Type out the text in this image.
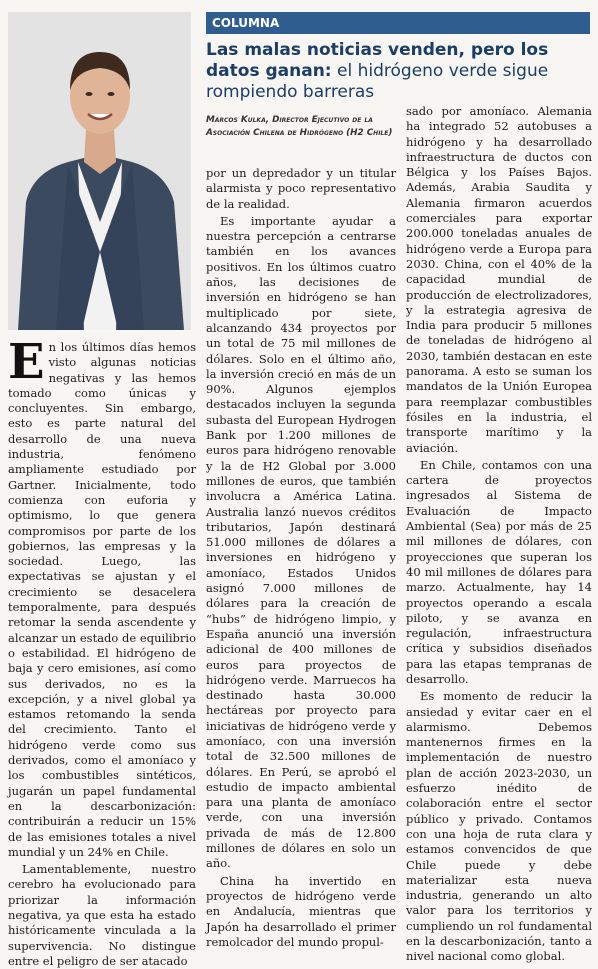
COLUMNA
Las malas noticias venden, pero los datos ganan: el hidrógeno verde sigue rompiendo barreras
Marcos Kulka, Director Ejecutivo de la Asociación Chilena de Hidrógeno (H2 Chile)

En los últimos días hemos visto algunas noticias negativas y las hemos tomado como únicas y concluyentes. Sin embargo, esto es parte natural del desarrollo de una nueva industria, fenómeno ampliamente estudiado por Gartner. Inicialmente, todo comienza con euforia y optimismo, lo que genera compromisos por parte de los gobiernos, las empresas y la sociedad. Luego, las expectativas se ajustan y el crecimiento se desacelera temporalmente, para después retomar la senda ascendente y alcanzar un estado de equilibrio o estabilidad. El hidrógeno de baja y cero emisiones, así como sus derivados, no es la excepción, y a nivel global ya estamos retomando la senda del crecimiento. Tanto el hidrógeno verde como sus derivados, como el amoníaco y los combustibles sintéticos, jugarán un papel fundamental en la descarbonización: contribuirán a reducir un 15% de las emisiones totales a nivel mundial y un 24% en Chile.

Lamentablemente, nuestro cerebro ha evolucionado para priorizar la información negativa, ya que esta ha estado históricamente vinculada a la supervivencia. No distingue entre el peligro de ser atacado

por un depredador y un titular alarmista y poco representativo de la realidad.

Es importante ayudar a nuestra percepción a centrarse también en los avances positivos. En los últimos cuatro años, las decisiones de inversión en hidrógeno se han multiplicado por siete, alcanzando 434 proyectos por un total de 75 mil millones de dólares. Solo en el último año, la inversión creció en más de un 90%. Algunos ejemplos destacados incluyen la segunda subasta del European Hydrogen Bank por 1.200 millones de euros para hidrógeno renovable y la de H2 Global por 3.000 millones de euros, que también involucra a América Latina. Australia lanzó nuevos créditos tributarios, Japón destinará 51.000 millones de dólares a inversiones en hidrógeno y amoníaco, Estados Unidos asignó 7.000 millones de dólares para la creación de “hubs” de hidrógeno limpio, y España anunció una inversión adicional de 400 millones de euros para proyectos de hidrógeno verde. Marruecos ha destinado hasta 30.000 hectáreas por proyecto para iniciativas de hidrógeno verde y amoníaco, con una inversión total de 32.500 millones de dólares. En Perú, se aprobó el estudio de impacto ambiental para una planta de amoníaco verde, con una inversión privada de más de 12.800 millones de dólares en solo un año.

China ha invertido en proyectos de hidrógeno verde en Andalucía, mientras que Japón ha desarrollado el primer remolcador del mundo propul-

sado por amoníaco. Alemania ha integrado 52 autobuses a hidrógeno y ha desarrollado infraestructura de ductos con Bélgica y los Países Bajos. Además, Arabia Saudita y Alemania firmaron acuerdos comerciales para exportar 200.000 toneladas anuales de hidrógeno verde a Europa para 2030. China, con el 40% de la capacidad mundial de producción de electrolizadores, y la estrategia agresiva de India para producir 5 millones de toneladas de hidrógeno al 2030, también destacan en este panorama. A esto se suman los mandatos de la Unión Europea para reemplazar combustibles fósiles en la industria, el transporte marítimo y la aviación.

En Chile, contamos con una cartera de proyectos ingresados al Sistema de Evaluación de Impacto Ambiental (Sea) por más de 25 mil millones de dólares, con proyecciones que superan los 40 mil millones de dólares para marzo. Actualmente, hay 14 proyectos operando a escala piloto, y se avanza en regulación, infraestructura crítica y subsidios diseñados para las etapas tempranas de desarrollo.

Es momento de reducir la ansiedad y evitar caer en el alarmismo. Debemos mantenernos firmes en la implementación de nuestro plan de acción 2023-2030, un esfuerzo inédito de colaboración entre el sector público y privado. Contamos con una hoja de ruta clara y estamos convencidos de que Chile puede y debe materializar esta nueva industria, generando un alto valor para los territorios y cumpliendo un rol fundamental en la descarbonización, tanto a nivel nacional como global.
